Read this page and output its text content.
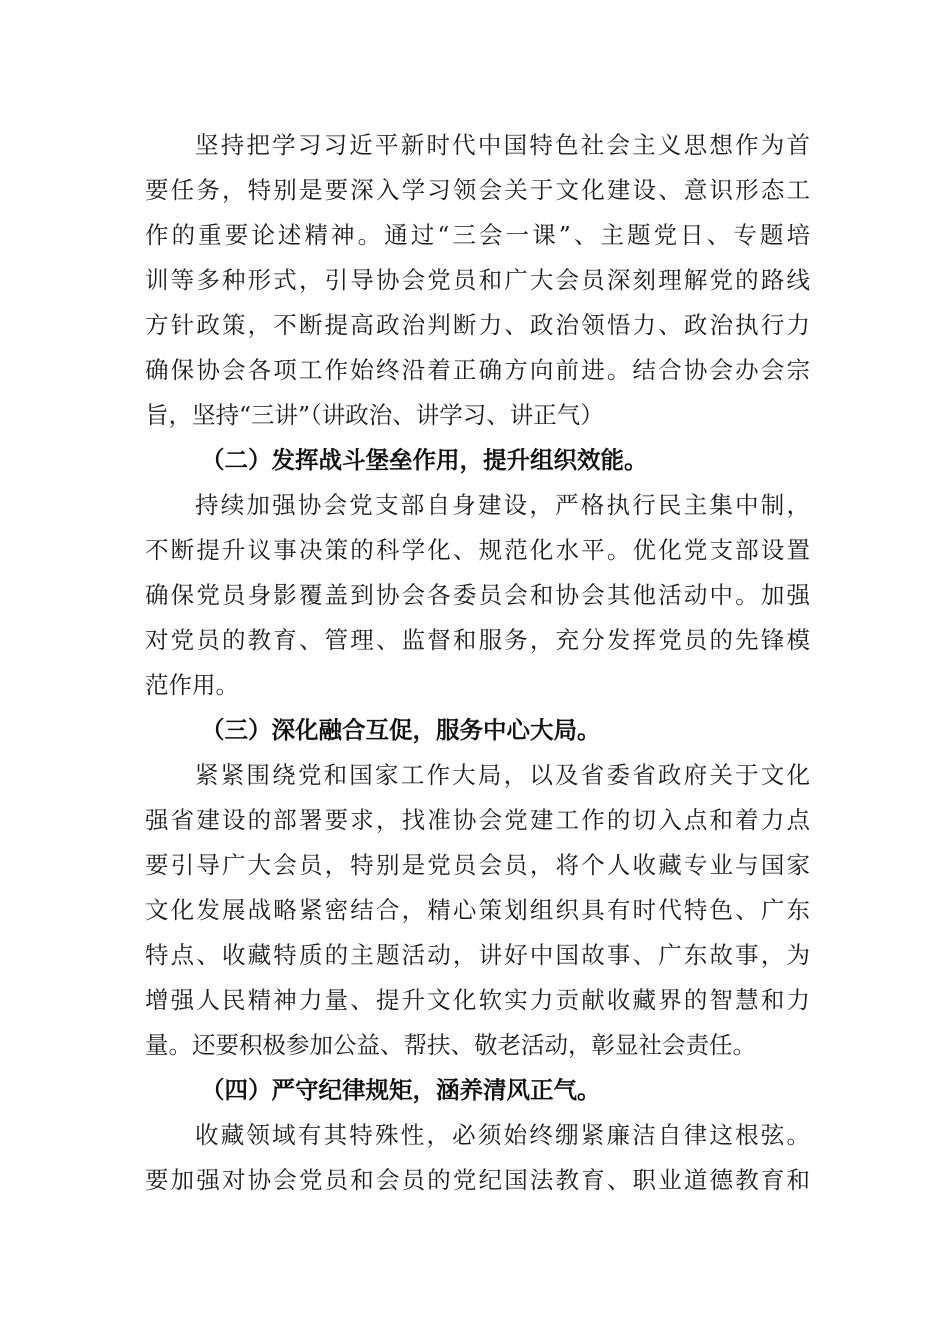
坚持把学习习近平新时代中国特色社会主义思想作为首
要任务，特别是要深入学习领会关于文化建设、意识形态工
作的重要论述精神。通过“三会一课”、主题党日、专题培
训等多种形式，引导协会党员和广大会员深刻理解党的路线
方针政策，不断提高政治判断力、政治领悟力、政治执行力
确保协会各项工作始终沿着正确方向前进。结合协会办会宗
旨，坚持“三讲”（讲政治、讲学习、讲正气）
（二）发挥战斗堡垒作用，提升组织效能。
持续加强协会党支部自身建设，严格执行民主集中制，
不断提升议事决策的科学化、规范化水平。优化党支部设置
确保党员身影覆盖到协会各委员会和协会其他活动中。加强
对党员的教育、管理、监督和服务，充分发挥党员的先锋模
范作用。
（三）深化融合互促，服务中心大局。
紧紧围绕党和国家工作大局，以及省委省政府关于文化
强省建设的部署要求，找准协会党建工作的切入点和着力点
要引导广大会员，特别是党员会员，将个人收藏专业与国家
文化发展战略紧密结合，精心策划组织具有时代特色、广东
特点、收藏特质的主题活动，讲好中国故事、广东故事，为
增强人民精神力量、提升文化软实力贡献收藏界的智慧和力
量。还要积极参加公益、帮扶、敬老活动，彰显社会责任。
（四）严守纪律规矩，涵养清风正气。
收藏领域有其特殊性，必须始终绷紧廉洁自律这根弦。
要加强对协会党员和会员的党纪国法教育、职业道德教育和
